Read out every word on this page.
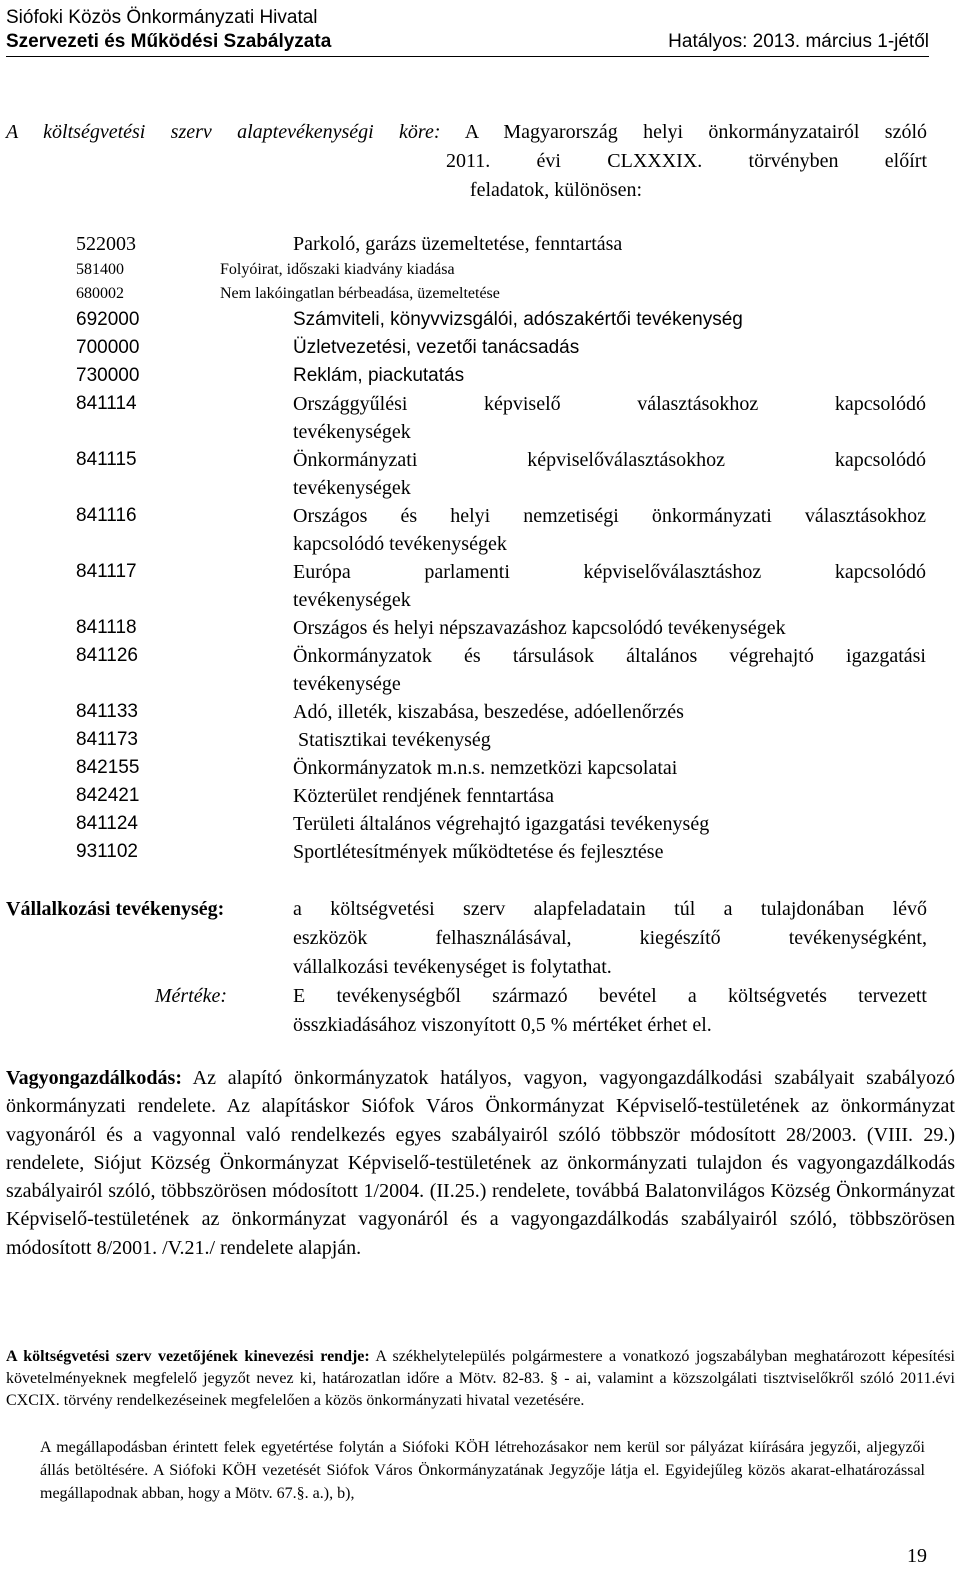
Siófoki Közös Önkormányzati Hivatal
Szervezeti és Működési Szabályzata	Hatályos: 2013. március 1-jétől
A költségvetési szerv alaptevékenységi köre: A Magyarország helyi önkormányzatairól szóló
2011. évi CLXXXIX. törvényben előírt
feladatok, különösen:
522003	Parkoló, garázs üzemeltetése, fenntartása
581400	Folyóirat, időszaki kiadvány kiadása
680002	Nem lakóingatlan bérbeadása, üzemeltetése
692000	Számviteli, könyvvizsgálói, adószakértői tevékenység
700000	Üzletvezetési, vezetői tanácsadás
730000	Reklám, piackutatás
841114	Országgyűlési képviselő választásokhoz kapcsolódó
tevékenységek
841115	Önkormányzati képviselőválasztásokhoz kapcsolódó
tevékenységek
841116	Országos és helyi nemzetiségi önkormányzati választásokhoz
kapcsolódó tevékenységek
841117	Európa parlamenti képviselőválasztáshoz kapcsolódó
tevékenységek
841118	Országos és helyi népszavazáshoz kapcsolódó tevékenységek
841126	Önkormányzatok és társulások általános végrehajtó igazgatási
tevékenysége
841133	Adó, illeték, kiszabása, beszedése, adóellenőrzés
841173	Statisztikai tevékenység
842155	Önkormányzatok m.n.s. nemzetközi kapcsolatai
842421	Közterület rendjének fenntartása
841124	Területi általános végrehajtó igazgatási tevékenység
931102	Sportlétesítmények működtetése és fejlesztése
Vállalkozási tevékenység:	a költségvetési szerv alapfeladatain túl a tulajdonában lévő
eszközök felhasználásával, kiegészítő tevékenységként,
vállalkozási tevékenységet is folytathat.
Mértéke:	E tevékenységből származó bevétel a költségvetés tervezett
összkiadásához viszonyított 0,5 % mértéket érhet el.
Vagyongazdálkodás: Az alapító önkormányzatok hatályos, vagyon, vagyongazdálkodási szabályait szabályozó önkormányzati rendelete. Az alapításkor Siófok Város Önkormányzat Képviselő-testületének az önkormányzat vagyonáról és a vagyonnal való rendelkezés egyes szabályairól szóló többször módosított 28/2003. (VIII. 29.) rendelete, Siójut Község Önkormányzat Képviselő-testületének az önkormányzati tulajdon és vagyongazdálkodás szabályairól szóló, többszörösen módosított 1/2004. (II.25.) rendelete, továbbá Balatonvilágos Község Önkormányzat Képviselő-testületének az önkormányzat vagyonáról és a vagyongazdálkodás szabályairól szóló, többszörösen módosított 8/2001. /V.21./ rendelete alapján.
A költségvetési szerv vezetőjének kinevezési rendje: A székhelytelepülés polgármestere a vonatkozó jogszabályban meghatározott képesítési követelményeknek megfelelő jegyzőt nevez ki, határozatlan időre a Mötv. 82-83. § - ai, valamint a közszolgálati tisztviselőkről szóló 2011.évi CXCIX. törvény rendelkezéseinek megfelelően a közös önkormányzati hivatal vezetésére.
A megállapodásban érintett felek egyetértése folytán a Siófoki KÖH létrehozásakor nem kerül sor pályázat kiírására jegyzői, aljegyzői állás betöltésére. A Siófoki KÖH vezetését Siófok Város Önkormányzatának Jegyzője látja el. Egyidejűleg közös akarat-elhatározással megállapodnak abban, hogy a Mötv. 67.§. a.), b),
19
